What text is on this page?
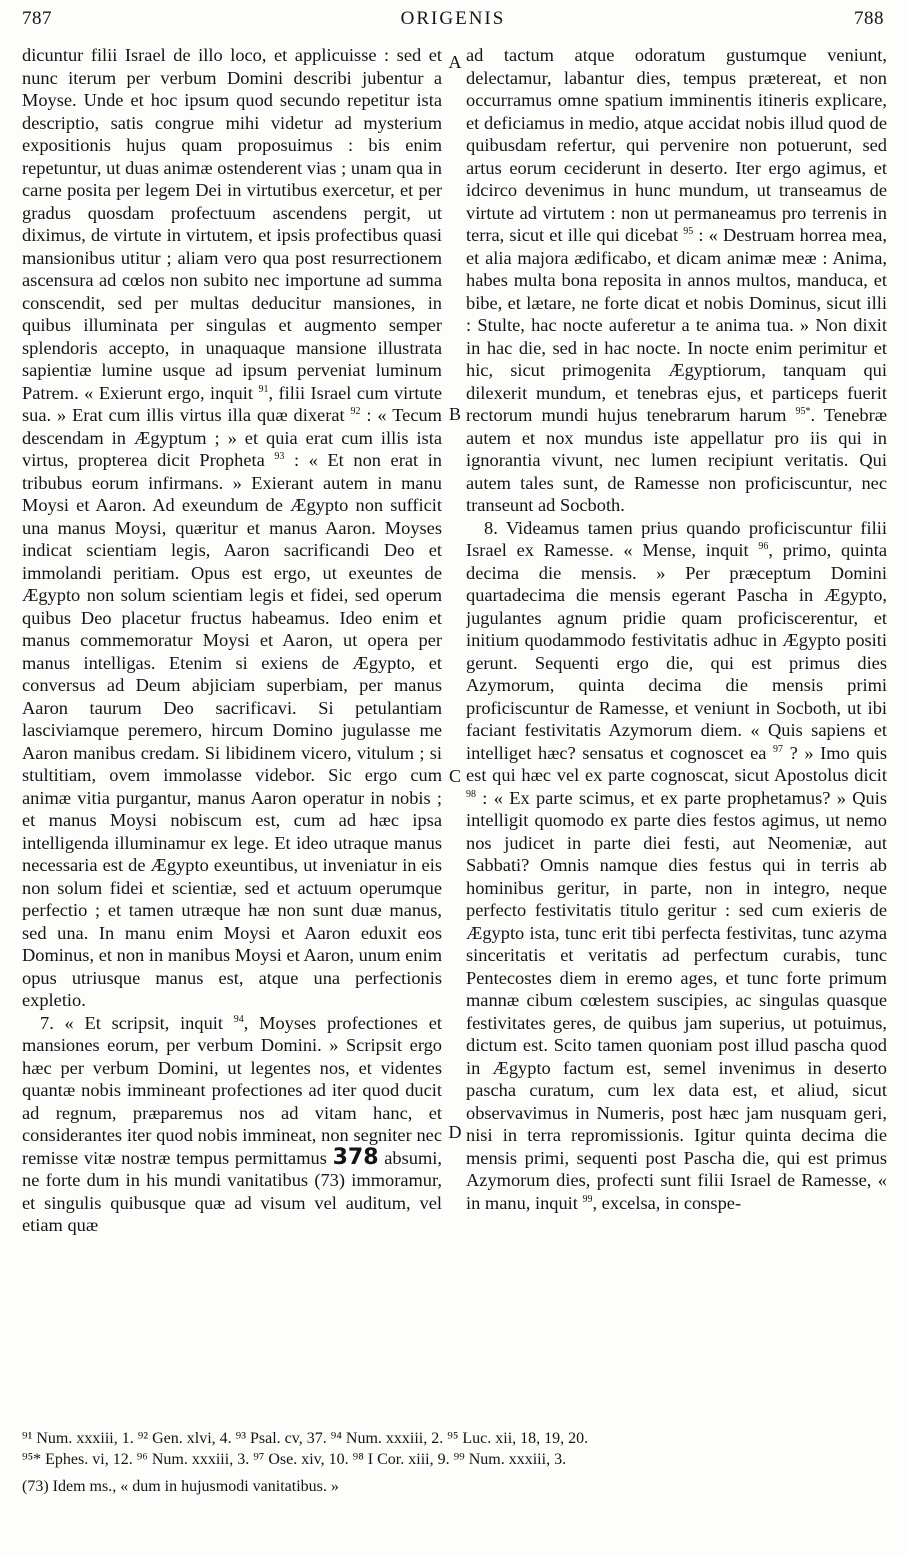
787	ORIGENIS	788

dicuntur filii Israel de illo loco, et applicuisse : sed et nunc iterum per verbum Domini describi jubentur a Moyse. Unde et hoc ipsum quod secundo repetitur ista descriptio, satis congrue mihi videtur ad mysterium expositionis hujus quam proposuimus : bis enim repetuntur, ut duas animæ ostenderent vias ; unam qua in carne posita per legem Dei in virtutibus exercetur, et per gradus quosdam profectuum ascendens pergit, ut diximus, de virtute in virtutem, et ipsis profectibus quasi mansionibus utitur ; aliam vero qua post resurrectionem ascensura ad cœlos non subito nec importune ad summa conscendit, sed per multas deducitur mansiones, in quibus illuminata per singulas et augmento semper splendoris accepto, in unaquaque mansione illustrata sapientiæ lumine usque ad ipsum perveniat luminum Patrem. « Exierunt ergo, inquit $^{91}$, filii Israel cum virtute sua. » Erat cum illis virtus illa quæ dixerat $^{92}$ : « Tecum descendam in Ægyptum ; » et quia erat cum illis ista virtus, propterea dicit Propheta $^{93}$ : « Et non erat in tribubus eorum infirmans. » Exierant autem in manu Moysi et Aaron. Ad exeundum de Ægypto non sufficit una manus Moysi, quæritur et manus Aaron. Moyses indicat scientiam legis, Aaron sacrificandi Deo et immolandi peritiam. Opus est ergo, ut exeuntes de Ægypto non solum scientiam legis et fidei, sed operum quibus Deo placetur fructus habeamus. Ideo enim et manus commemoratur Moysi et Aaron, ut opera per manus intelligas. Etenim si exiens de Ægypto, et conversus ad Deum abjiciam superbiam, per manus Aaron taurum Deo sacrificavi. Si petulantiam lasciviamque peremero, hircum Domino jugulasse me Aaron manibus credam. Si libidinem vicero, vitulum ; si stultitiam, ovem immolasse videbor. Sic ergo cum animæ vitia purgantur, manus Aaron operatur in nobis ; et manus Moysi nobiscum est, cum ad hæc ipsa intelligenda illuminamur ex lege. Et ideo utraque manus necessaria est de Ægypto exeuntibus, ut inveniatur in eis non solum fidei et scientiæ, sed et actuum operumque perfectio ; et tamen utræque hæ non sunt duæ manus, sed una. In manu enim Moysi et Aaron eduxit eos Dominus, et non in manibus Moysi et Aaron, unum enim opus utriusque manus est, atque una perfectionis expletio.

7. « Et scripsit, inquit $^{94}$, Moyses profectiones et mansiones eorum, per verbum Domini. » Scripsit ergo hæc per verbum Domini, ut legentes nos, et videntes quantæ nobis immineant profectiones ad iter quod ducit ad regnum, præparemus nos ad vitam hanc, et considerantes iter quod nobis immineat, non segniter nec remisse vitæ nostræ tempus permittamus 378 absumi, ne forte dum in his mundi vanitatibus (73) immoramur, et singulis quibusque quæ ad visum vel auditum, vel etiam quæ

A
B
C
D

ad tactum atque odoratum gustumque veniunt, delectamur, labantur dies, tempus prætereat, et non occurramus omne spatium imminentis itineris explicare, et deficiamus in medio, atque accidat nobis illud quod de quibusdam refertur, qui pervenire non potuerunt, sed artus eorum ceciderunt in deserto. Iter ergo agimus, et idcirco devenimus in hunc mundum, ut transeamus de virtute ad virtutem : non ut permaneamus pro terrenis in terra, sicut et ille qui dicebat $^{95}$ : « Destruam horrea mea, et alia majora ædificabo, et dicam animæ meæ : Anima, habes multa bona reposita in annos multos, manduca, et bibe, et lætare, ne forte dicat et nobis Dominus, sicut illi : Stulte, hac nocte auferetur a te anima tua. » Non dixit in hac die, sed in hac nocte. In nocte enim perimitur et hic, sicut primogenita Ægyptiorum, tanquam qui dilexerit mundum, et tenebras ejus, et particeps fuerit rectorum mundi hujus tenebrarum harum $^{95*}$. Tenebræ autem et nox mundus iste appellatur pro iis qui in ignorantia vivunt, nec lumen recipiunt veritatis. Qui autem tales sunt, de Ramesse non proficiscuntur, nec transeunt ad Socboth.

8. Videamus tamen prius quando proficiscuntur filii Israel ex Ramesse. « Mense, inquit $^{96}$, primo, quinta decima die mensis. » Per præceptum Domini quartadecima die mensis egerant Pascha in Ægypto, jugulantes agnum pridie quam proficiscerentur, et initium quodammodo festivitatis adhuc in Ægypto positi gerunt. Sequenti ergo die, qui est primus dies Azymorum, quinta decima die mensis primi proficiscuntur de Ramesse, et veniunt in Socboth, ut ibi faciant festivitatis Azymorum diem. « Quis sapiens et intelliget hæc? sensatus et cognoscet ea $^{97}$ ? » Imo quis est qui hæc vel ex parte cognoscat, sicut Apostolus dicit $^{98}$ : « Ex parte scimus, et ex parte prophetamus? » Quis intelligit quomodo ex parte dies festos agimus, ut nemo nos judicet in parte diei festi, aut Neomeniæ, aut Sabbati? Omnis namque dies festus qui in terris ab hominibus geritur, in parte, non in integro, neque perfecto festivitatis titulo geritur : sed cum exieris de Ægypto ista, tunc erit tibi perfecta festivitas, tunc azyma sinceritatis et veritatis ad perfectum curabis, tunc Pentecostes diem in eremo ages, et tunc forte primum mannæ cibum cœlestem suscipies, ac singulas quasque festivitates geres, de quibus jam superius, ut potuimus, dictum est. Scito tamen quoniam post illud pascha quod in Ægypto factum est, semel invenimus in deserto pascha curatum, cum lex data est, et aliud, sicut observavimus in Numeris, post hæc jam nusquam geri, nisi in terra repromissionis. Igitur quinta decima die mensis primi, sequenti post Pascha die, qui est primus Azymorum dies, profecti sunt filii Israel de Ramesse, « in manu, inquit $^{99}$, excelsa, in conspe-

⁹¹ Num. xxxiii, 1. ⁹² Gen. xlvi, 4. ⁹³ Psal. cv, 37. ⁹⁴ Num. xxxiii, 2. ⁹⁵ Luc. xii, 18, 19, 20.
⁹⁵* Ephes. vi, 12. ⁹⁶ Num. xxxiii, 3. ⁹⁷ Ose. xiv, 10. ⁹⁸ I Cor. xiii, 9. ⁹⁹ Num. xxxiii, 3.
(73) Idem ms., « dum in hujusmodi vanitatibus. »
